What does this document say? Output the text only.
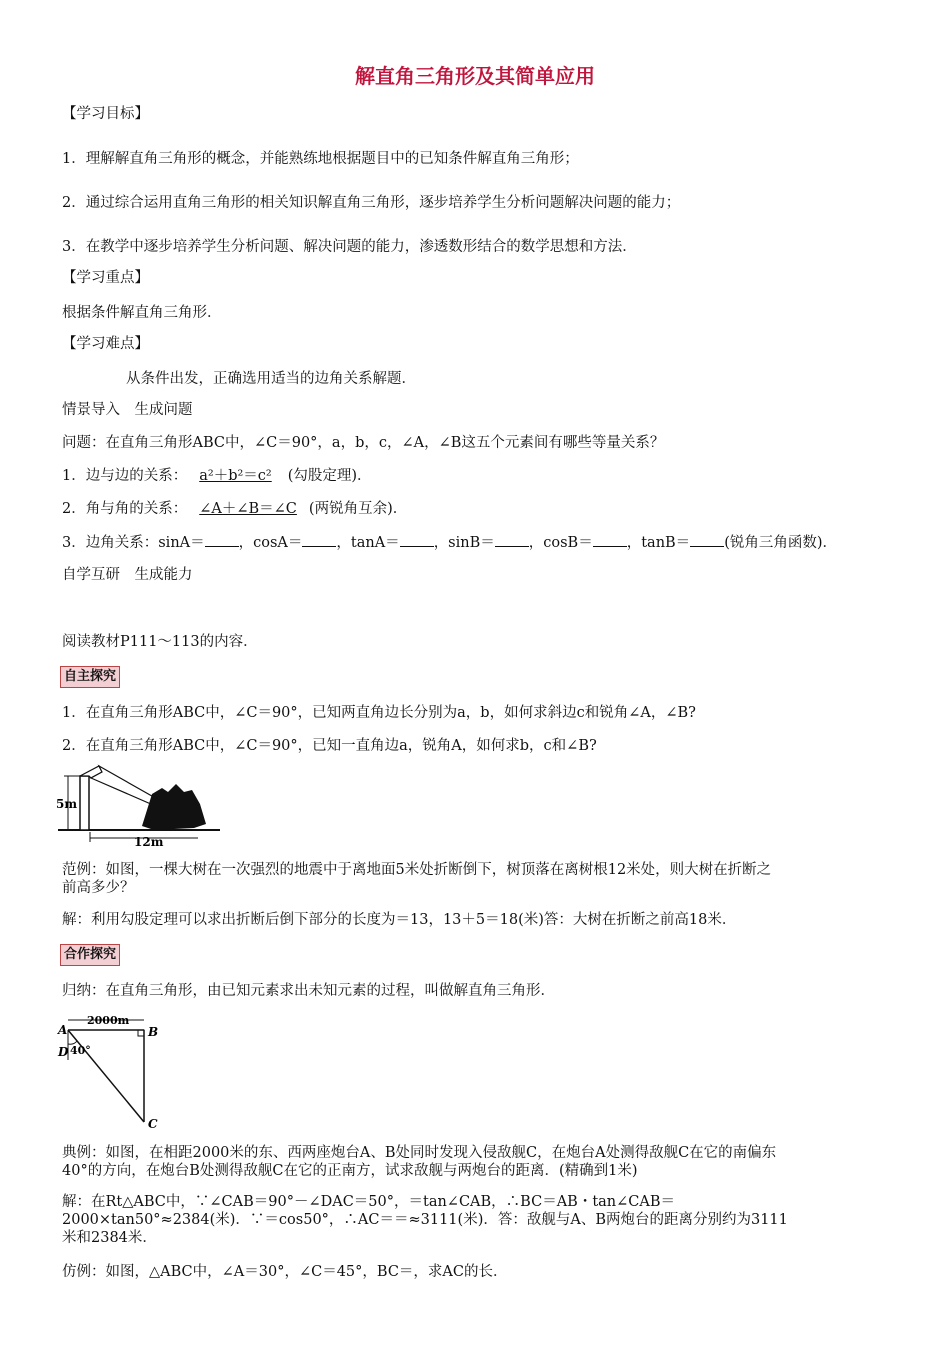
解直角三角形及其简单应用
【学习目标】
1．理解解直角三角形的概念，并能熟练地根据题目中的已知条件解直角三角形；
2．通过综合运用直角三角形的相关知识解直角三角形，逐步培养学生分析问题解决问题的能力；
3．在教学中逐步培养学生分析问题、解决问题的能力，渗透数形结合的数学思想和方法．
【学习重点】
根据条件解直角三角形．
【学习难点】
从条件出发，正确选用适当的边角关系解题．
情景导入　生成问题
问题：在直角三角形ABC中，∠C＝90°，a，b，c，∠A，∠B这五个元素间有哪些等量关系？
1．边与边的关系： a²＋b²＝c² (勾股定理)．
2．角与角的关系： ∠A＋∠B＝∠C (两锐角互余)．
3．边角关系：sinA＝ ，cosA＝ ，tanA＝ ，sinB＝ ，cosB＝ ，tanB＝ (锐角三角函数)．
自学互研　生成能力
阅读教材P111～113的内容．
自主探究
1．在直角三角形ABC中，∠C＝90°，已知两直角边长分别为a，b，如何求斜边c和锐角∠A，∠B?
2．在直角三角形ABC中，∠C＝90°，已知一直角边a，锐角A，如何求b，c和∠B?
5m
12m
范例：如图，一棵大树在一次强烈的地震中于离地面5米处折断倒下，树顶落在离树根12米处，则大树在折断之
前高多少？
解：利用勾股定理可以求出折断后倒下部分的长度为＝13，13＋5＝18(米)答：大树在折断之前高18米．
合作探究
归纳：在直角三角形，由已知元素求出未知元素的过程，叫做解直角三角形．
2000m
A	B
D 40°
C
典例：如图，在相距2000米的东、西两座炮台A、B处同时发现入侵敌舰C，在炮台A处测得敌舰C在它的南偏东
40°的方向，在炮台B处测得敌舰C在它的正南方，试求敌舰与两炮台的距离．(精确到1米)
解：在Rt△ABC中，∵∠CAB＝90°－∠DAC＝50°，＝tan∠CAB，∴BC＝AB・tan∠CAB＝
2000×tan50°≈2384(米)．∵＝cos50°，∴AC＝＝≈3111(米)．答：敌舰与A、B两炮台的距离分别约为3111
米和2384米．
仿例：如图，△ABC中，∠A＝30°，∠C＝45°，BC＝，求AC的长．
